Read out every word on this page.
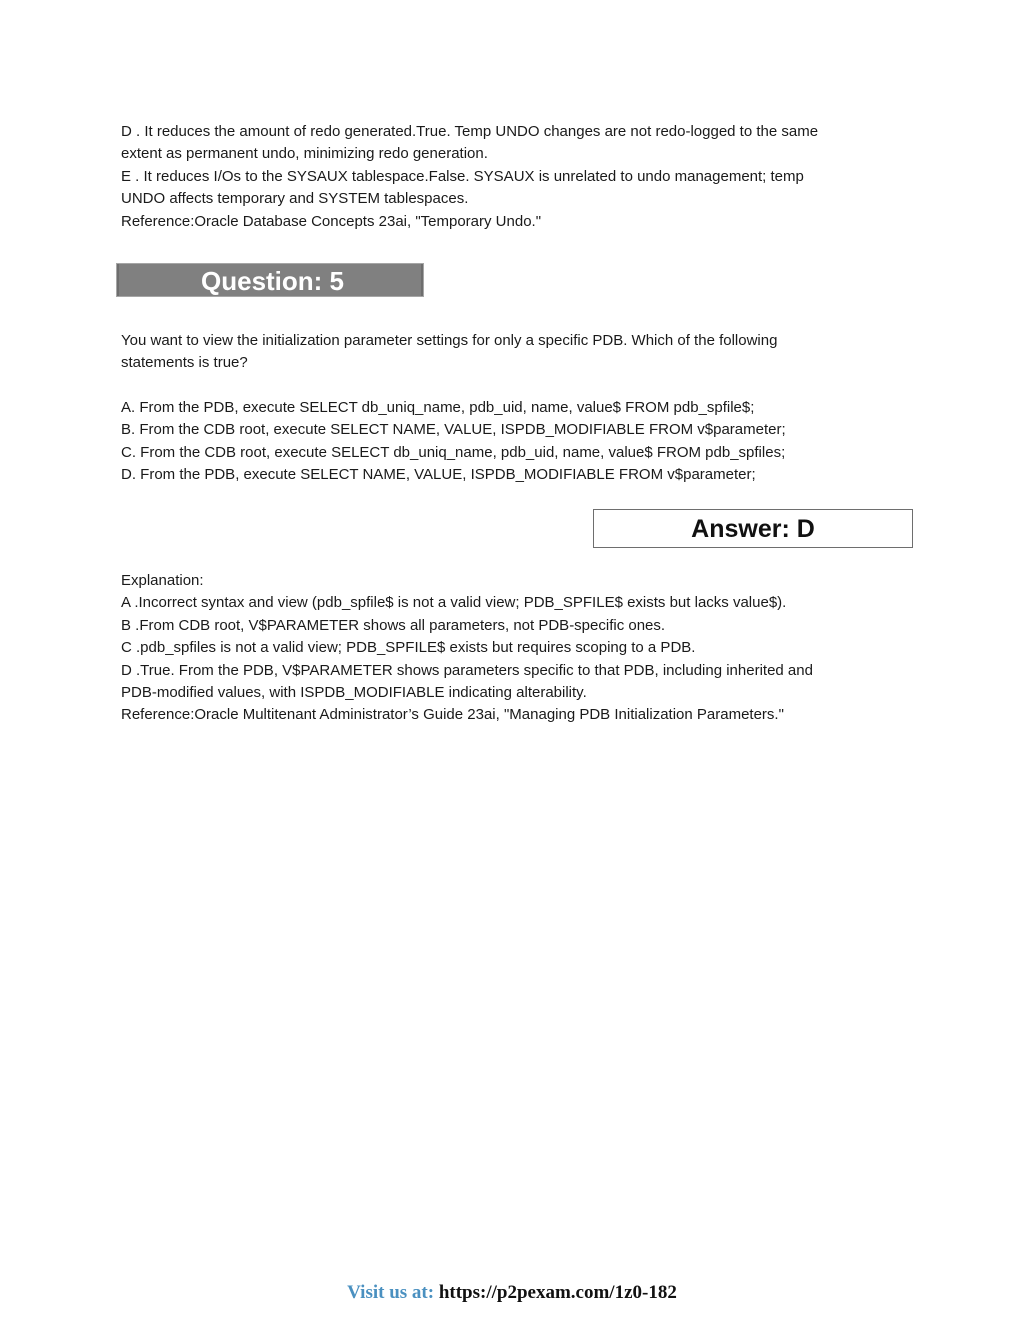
D . It reduces the amount of redo generated.True. Temp UNDO changes are not redo-logged to the same

extent as permanent undo, minimizing redo generation.

E . It reduces I/Os to the SYSAUX tablespace.False. SYSAUX is unrelated to undo management; temp

UNDO affects temporary and SYSTEM tablespaces.

Reference:Oracle Database Concepts 23ai, "Temporary Undo."

Question: 5

You want to view the initialization parameter settings for only a specific PDB. Which of the following

statements is true?

A. From the PDB, execute SELECT db_uniq_name, pdb_uid, name, value$ FROM pdb_spfile$;

B. From the CDB root, execute SELECT NAME, VALUE, ISPDB_MODIFIABLE FROM v$parameter;

C. From the CDB root, execute SELECT db_uniq_name, pdb_uid, name, value$ FROM pdb_spfiles;

D. From the PDB, execute SELECT NAME, VALUE, ISPDB_MODIFIABLE FROM v$parameter;

Answer: D

Explanation:

A .Incorrect syntax and view (pdb_spfile$ is not a valid view; PDB_SPFILE$ exists but lacks value$).

B .From CDB root, V$PARAMETER shows all parameters, not PDB-specific ones.

C .pdb_spfiles is not a valid view; PDB_SPFILE$ exists but requires scoping to a PDB.

D .True. From the PDB, V$PARAMETER shows parameters specific to that PDB, including inherited and

PDB-modified values, with ISPDB_MODIFIABLE indicating alterability.

Reference:Oracle Multitenant Administrator’s Guide 23ai, "Managing PDB Initialization Parameters."

Visit us at: https://p2pexam.com/1z0-182
